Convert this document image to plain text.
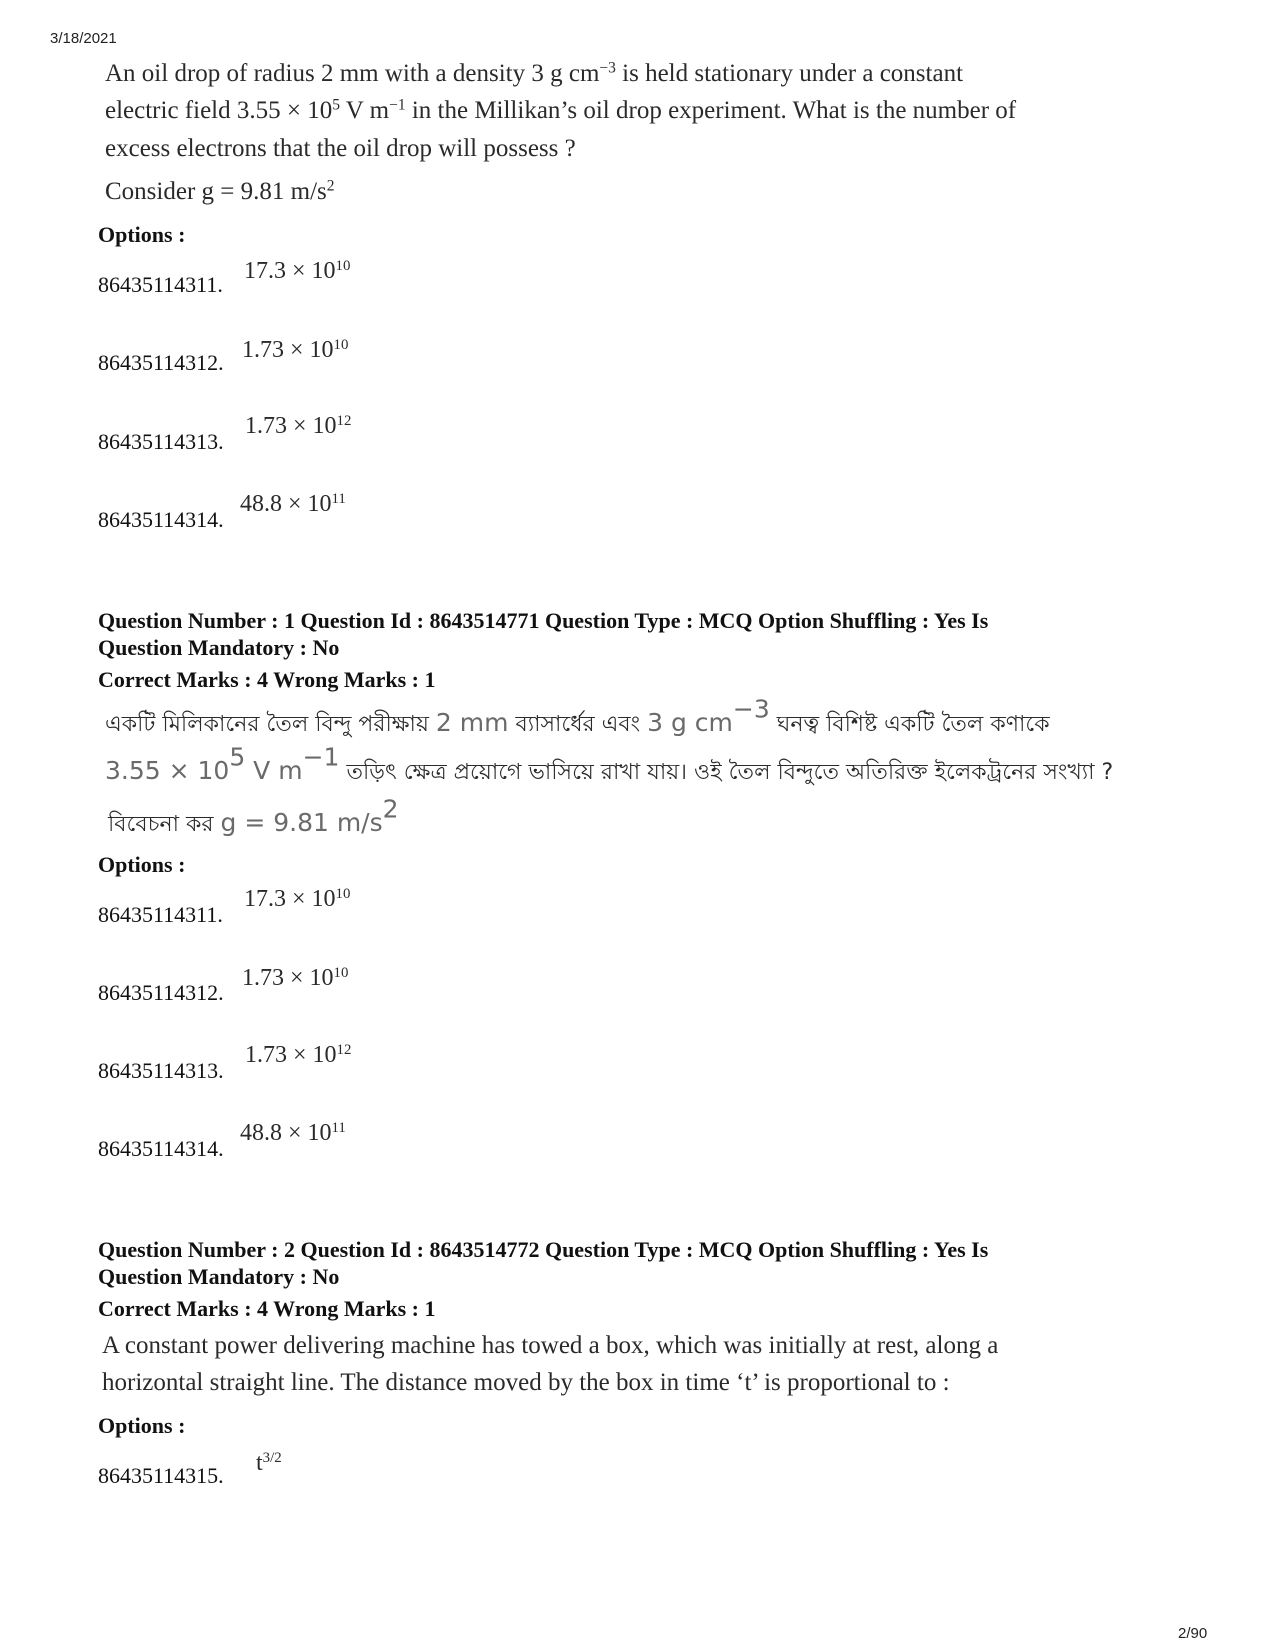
3/18/2021
An oil drop of radius 2 mm with a density 3 g $cm^{-3}$ is held stationary under a constant
electric field $3.55 \times 10^5$ V $m^{-1}$ in the Millikan’s oil drop experiment. What is the number of
excess electrons that the oil drop will possess ?
Consider g = 9.81 $m/s^2$
Options :
86435114311.
$17.3 \times 10^{10}$
86435114312. $1.73 \times 10^{10}$
86435114313.
$1.73 \times 10^{12}$
86435114314.
$48.8 \times 10^{11}$
Question Number : 1 Question Id : 8643514771 Question Type : MCQ Option Shuffling : Yes Is
Question Mandatory : No
Correct Marks : 4 Wrong Marks : 1
একটি মিলিকানের তৈল বিন্দু পরীক্ষায় 2 mm ব্যাসার্ধের এবং 3 g $cm^{-3}$ ঘনত্ব বিশিষ্ট একটি তৈল কণাকে
$3.55 \times 10^5$ V $m^{-1}$ তড়িৎ ক্ষেত্র প্রয়োগে ভাসিয়ে রাখা যায়। ওই তৈল বিন্দুতে অতিরিক্ত ইলেকট্রনের সংখ্যা ?
বিবেচনা কর g = 9.81 $m/s^2$
Options :
86435114311.
$17.3 \times 10^{10}$
86435114312.
$1.73 \times 10^{10}$
86435114313.
$1.73 \times 10^{12}$
86435114314.
$48.8 \times 10^{11}$
Question Number : 2 Question Id : 8643514772 Question Type : MCQ Option Shuffling : Yes Is
Question Mandatory : No
Correct Marks : 4 Wrong Marks : 1
A constant power delivering machine has towed a box, which was initially at rest, along a
horizontal straight line. The distance moved by the box in time ‘t’ is proportional to :
Options :
86435114315. $t^{3/2}$
2/90
